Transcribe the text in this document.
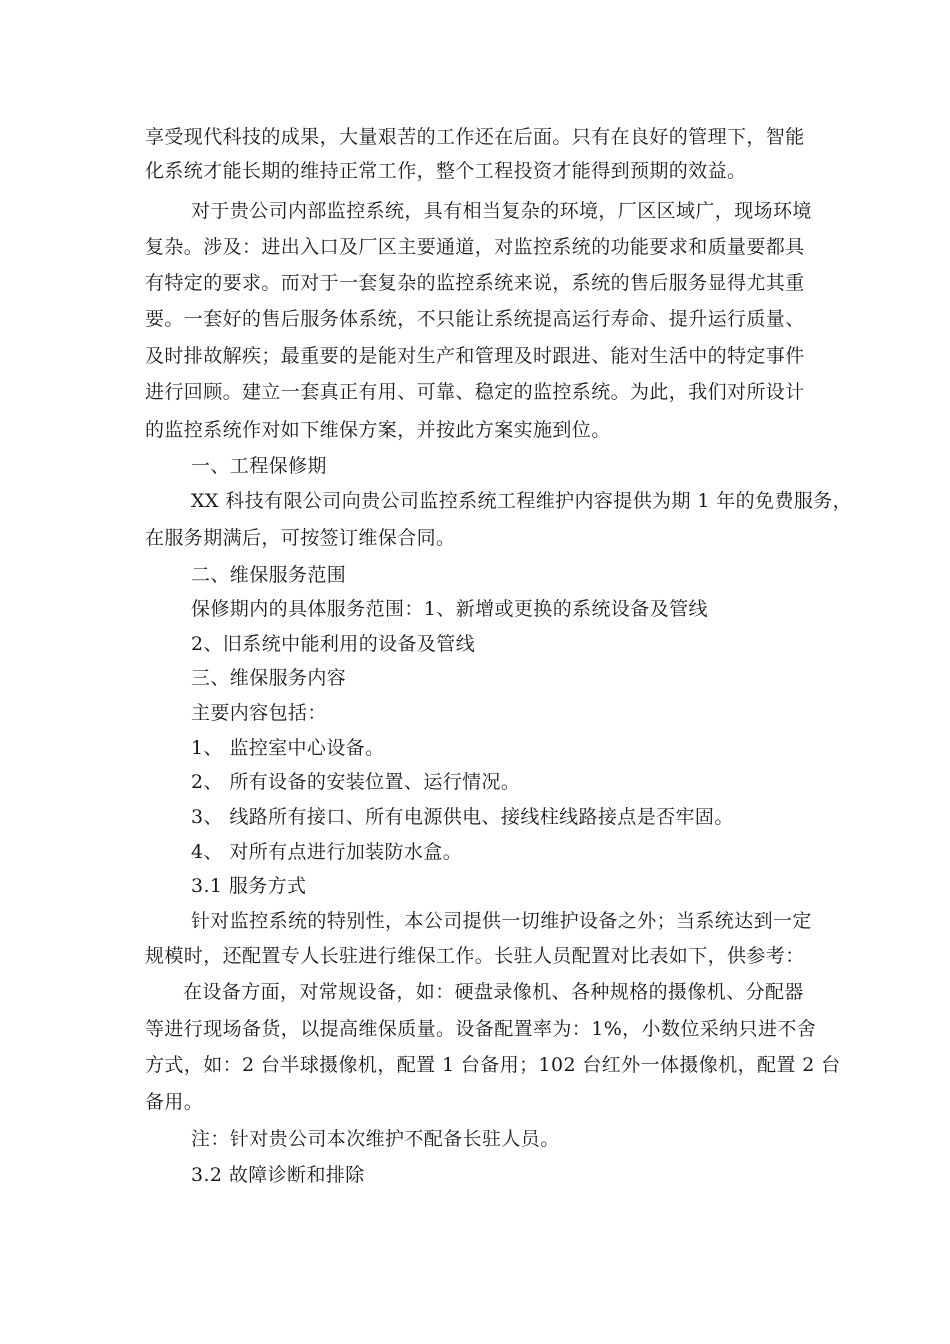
享受现代科技的成果，大量艰苦的工作还在后面。只有在良好的管理下，智能
化系统才能长期的维持正常工作，整个工程投资才能得到预期的效益。
对于贵公司内部监控系统，具有相当复杂的环境，厂区区域广，现场环境
复杂。涉及：进出入口及厂区主要通道，对监控系统的功能要求和质量要都具
有特定的要求。而对于一套复杂的监控系统来说，系统的售后服务显得尤其重
要。一套好的售后服务体系统，不只能让系统提高运行寿命、提升运行质量、
及时排故解疾；最重要的是能对生产和管理及时跟进、能对生活中的特定事件
进行回顾。建立一套真正有用、可靠、稳定的监控系统。为此，我们对所设计
的监控系统作对如下维保方案，并按此方案实施到位。
一、工程保修期
XX 科技有限公司向贵公司监控系统工程维护内容提供为期 1 年的免费服务，
在服务期满后，可按签订维保合同。
二、维保服务范围
保修期内的具体服务范围：1、新增或更换的系统设备及管线
2、旧系统中能利用的设备及管线
三、维保服务内容
主要内容包括：
1、 监控室中心设备。
2、 所有设备的安装位置、运行情况。
3、 线路所有接口、所有电源供电、接线柱线路接点是否牢固。
4、 对所有点进行加装防水盒。
3.1 服务方式
针对监控系统的特别性，本公司提供一切维护设备之外；当系统达到一定
规模时，还配置专人长驻进行维保工作。长驻人员配置对比表如下，供参考：
在设备方面，对常规设备，如：硬盘录像机、各种规格的摄像机、分配器
等进行现场备货，以提高维保质量。设备配置率为：1%，小数位采纳只进不舍
方式，如：2 台半球摄像机，配置 1 台备用；102 台红外一体摄像机，配置 2 台
备用。
注：针对贵公司本次维护不配备长驻人员。
3.2 故障诊断和排除
